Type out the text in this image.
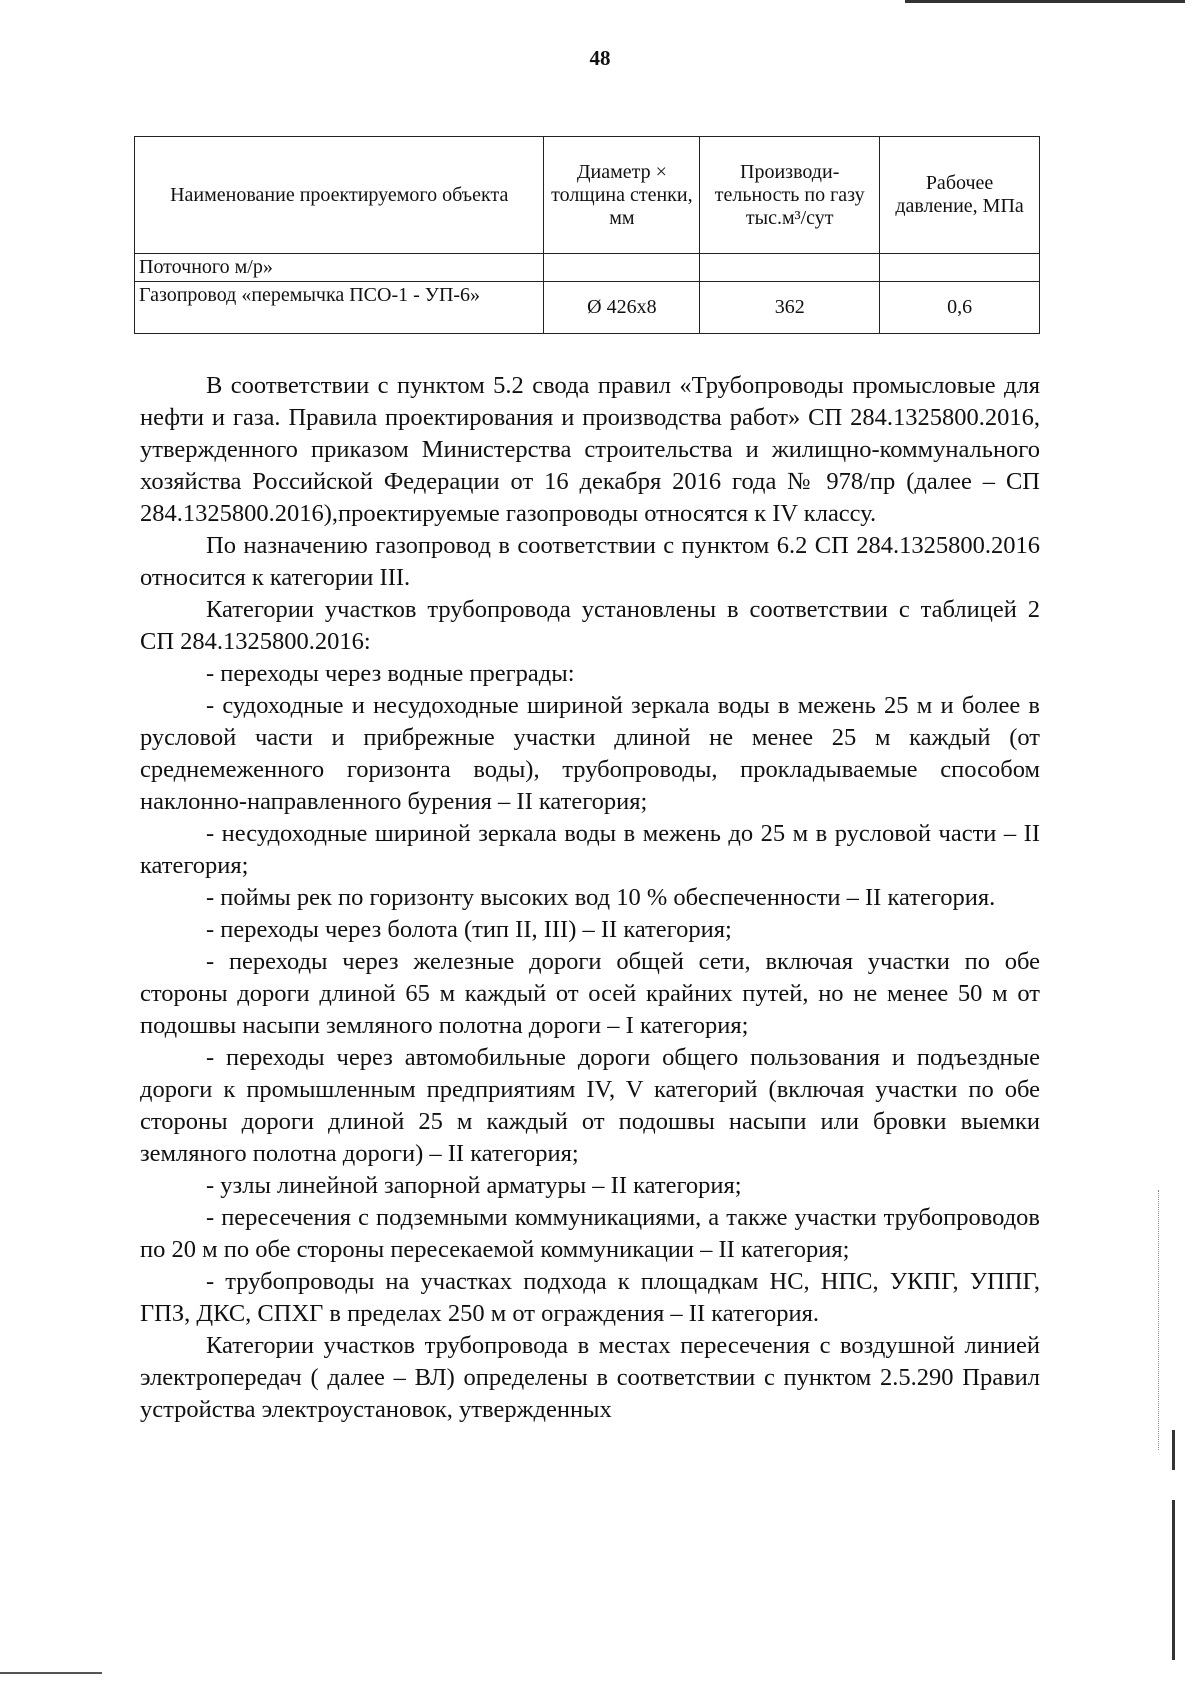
48
Наименование проектируемого объекта	Диаметр × толщина стенки, мм	Производи-тельность по газу тыс.м³/сут	Рабочее давление, МПа
Поточного м/р»			
Газопровод «перемычка ПСО-1 - УП-6»	Ø 426х8	362	0,6

В соответствии с пунктом 5.2 свода правил «Трубопроводы промысловые для нефти и газа. Правила проектирования и производства работ» СП 284.1325800.2016, утвержденного приказом Министерства строительства и жилищно-коммунального хозяйства Российской Федерации от 16 декабря 2016 года № 978/пр (далее – СП 284.1325800.2016),проектируемые газопроводы относятся к IV классу.

По назначению газопровод в соответствии с пунктом 6.2 СП 284.1325800.2016 относится к категории III.

Категории участков трубопровода установлены в соответствии с таблицей 2 СП 284.1325800.2016:

- переходы через водные преграды:

- судоходные и несудоходные шириной зеркала воды в межень 25 м и более в русловой части и прибрежные участки длиной не менее 25 м каждый (от среднемеженного горизонта воды), трубопроводы, прокладываемые способом наклонно-направленного бурения – II категория;

- несудоходные шириной зеркала воды в межень до 25 м в русловой части – II категория;

- поймы рек по горизонту высоких вод 10 % обеспеченности – II категория.

- переходы через болота (тип II, III) – II категория;

- переходы через железные дороги общей сети, включая участки по обе стороны дороги длиной 65 м каждый от осей крайних путей, но не менее 50 м от подошвы насыпи земляного полотна дороги – I категория;

- переходы через автомобильные дороги общего пользования и подъездные дороги к промышленным предприятиям IV, V категорий (включая участки по обе стороны дороги длиной 25 м каждый от подошвы насыпи или бровки выемки земляного полотна дороги) – II категория;

- узлы линейной запорной арматуры – II категория;

- пересечения с подземными коммуникациями, а также участки трубопроводов по 20 м по обе стороны пересекаемой коммуникации – II категория;

- трубопроводы на участках подхода к площадкам НС, НПС, УКПГ, УППГ, ГПЗ, ДКС, СПХГ в пределах 250 м от ограждения – II категория.

Категории участков трубопровода в местах пересечения с воздушной линией электропередач ( далее – ВЛ) определены в соответствии с пунктом 2.5.290 Правил устройства электроустановок, утвержденных
